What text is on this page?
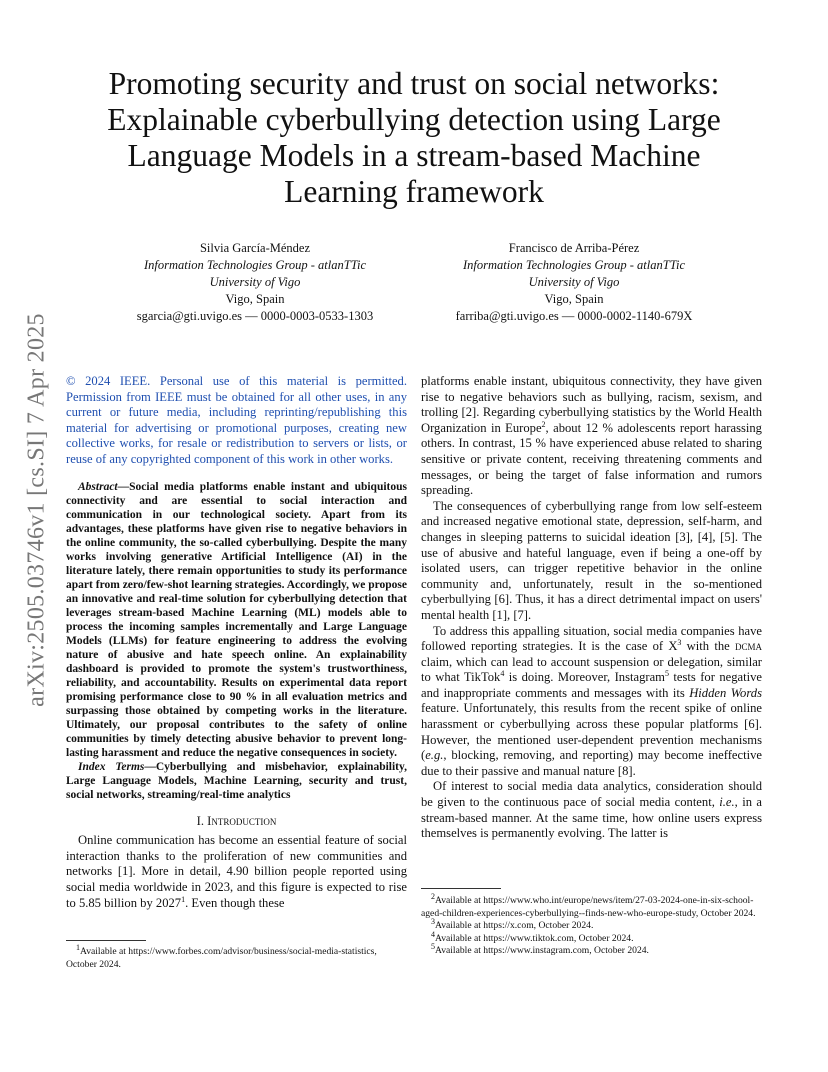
arXiv:2505.03746v1 [cs.SI] 7 Apr 2025
Promoting security and trust on social networks:
Explainable cyberbullying detection using Large
Language Models in a stream-based Machine
Learning framework
Silvia García-Méndez
Information Technologies Group - atlanTTic
University of Vigo
Vigo, Spain
sgarcia@gti.uvigo.es — 0000-0003-0533-1303
Francisco de Arriba-Pérez
Information Technologies Group - atlanTTic
University of Vigo
Vigo, Spain
farriba@gti.uvigo.es — 0000-0002-1140-679X

© 2024 IEEE. Personal use of this material is permitted. Permission from IEEE must be obtained for all other uses, in any current or future media, including reprinting/republishing this material for advertising or promotional purposes, creating new collective works, for resale or redistribution to servers or lists, or reuse of any copyrighted component of this work in other works.

Abstract—Social media platforms enable instant and ubiquitous connectivity and are essential to social interaction and communication in our technological society. Apart from its advantages, these platforms have given rise to negative behaviors in the online community, the so-called cyberbullying. Despite the many works involving generative Artificial Intelligence (AI) in the literature lately, there remain opportunities to study its performance apart from zero/few-shot learning strategies. Accordingly, we propose an innovative and real-time solution for cyberbullying detection that leverages stream-based Machine Learning (ML) models able to process the incoming samples incrementally and Large Language Models (LLMs) for feature engineering to address the evolving nature of abusive and hate speech online. An explainability dashboard is provided to promote the system's trustworthiness, reliability, and accountability. Results on experimental data report promising performance close to 90 % in all evaluation metrics and surpassing those obtained by competing works in the literature. Ultimately, our proposal contributes to the safety of online communities by timely detecting abusive behavior to prevent long-lasting harassment and reduce the negative consequences in society.

Index Terms—Cyberbullying and misbehavior, explainability, Large Language Models, Machine Learning, security and trust, social networks, streaming/real-time analytics

I. Introduction

Online communication has become an essential feature of social interaction thanks to the proliferation of new communities and networks [1]. More in detail, 4.90 billion people reported using social media worldwide in 2023, and this figure is expected to rise to 5.85 billion by 2027$^1$. Even though these

$^1$Available at https://www.forbes.com/advisor/business/social-media-statistics, October 2024.

platforms enable instant, ubiquitous connectivity, they have given rise to negative behaviors such as bullying, racism, sexism, and trolling [2]. Regarding cyberbullying statistics by the World Health Organization in Europe$^2$, about 12 % adolescents report harassing others. In contrast, 15 % have experienced abuse related to sharing sensitive or private content, receiving threatening comments and messages, or being the target of false information and rumors spreading.

The consequences of cyberbullying range from low self-esteem and increased negative emotional state, depression, self-harm, and changes in sleeping patterns to suicidal ideation [3], [4], [5]. The use of abusive and hateful language, even if being a one-off by isolated users, can trigger repetitive behavior in the online community and, unfortunately, result in the so-mentioned cyberbullying [6]. Thus, it has a direct detrimental impact on users' mental health [1], [7].

To address this appalling situation, social media companies have followed reporting strategies. It is the case of $X^3$ with the dcma claim, which can lead to account suspension or delegation, similar to what TikTok$^4$ is doing. Moreover, Instagram$^5$ tests for negative and inappropriate comments and messages with its Hidden Words feature. Unfortunately, this results from the recent spike of online harassment or cyberbullying across these popular platforms [6]. However, the mentioned user-dependent prevention mechanisms (e.g., blocking, removing, and reporting) may become ineffective due to their passive and manual nature [8].

Of interest to social media data analytics, consideration should be given to the continuous pace of social media content, i.e., in a stream-based manner. At the same time, how online users express themselves is permanently evolving. The latter is

$^2$Available at https://www.who.int/europe/news/item/27-03-2024-one-in-six-school-aged-children-experiences-cyberbullying--finds-new-who-europe-study, October 2024.
$^3$Available at https://x.com, October 2024.
$^4$Available at https://www.tiktok.com, October 2024.
$^5$Available at https://www.instagram.com, October 2024.
